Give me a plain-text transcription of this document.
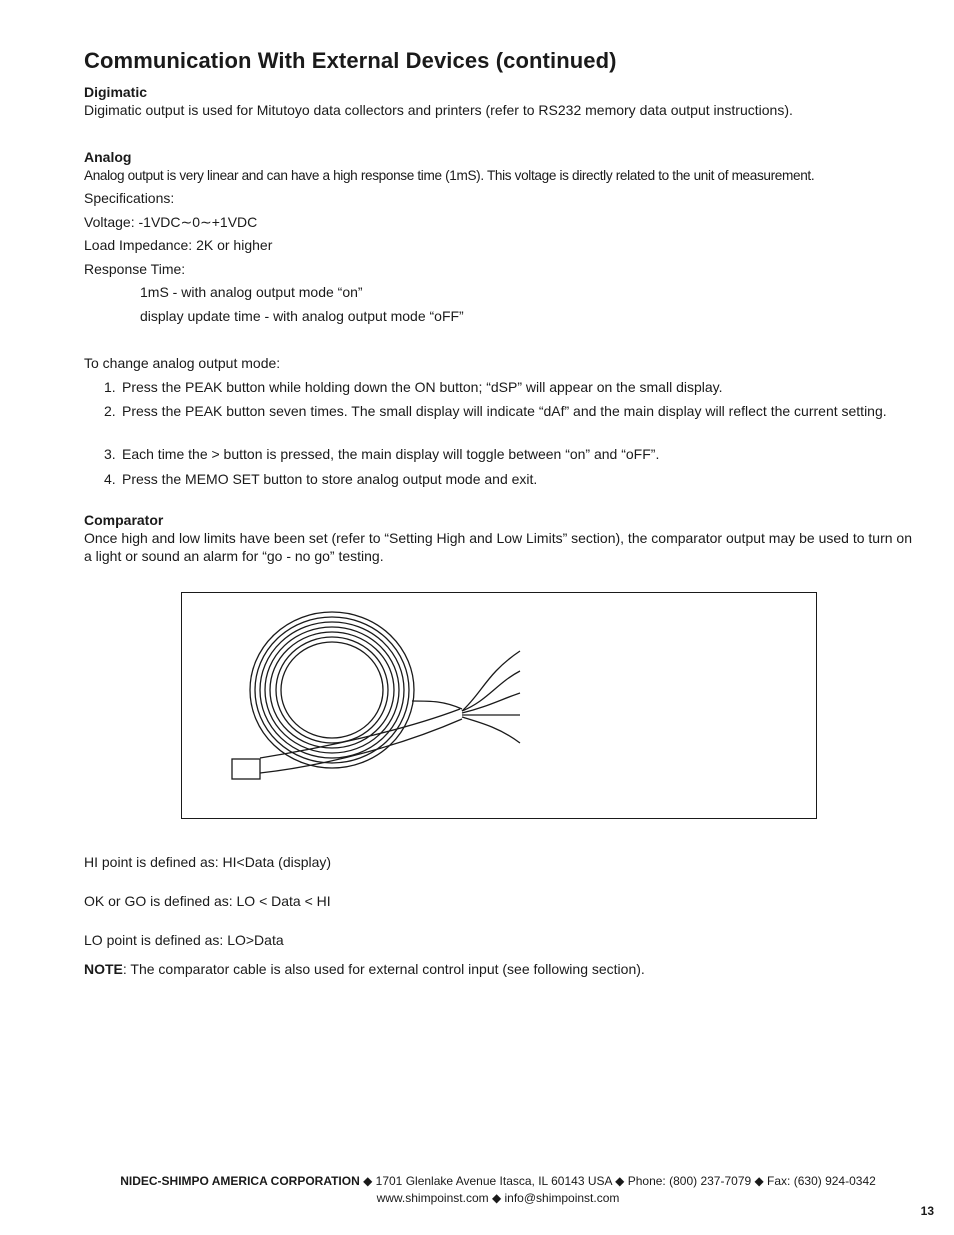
Communication With External Devices (continued)
Digimatic
Digimatic output is used for Mitutoyo data collectors and printers (refer to RS232 memory data output instructions).
Analog
Analog output is very linear and can have a high response time (1mS). This voltage is directly related to the unit of measurement.
Specifications:
Voltage: -1VDC∼0∼+1VDC
Load Impedance: 2K or higher
Response Time:
1mS - with analog output mode “on”
display update time - with analog output mode “oFF”
To change analog output mode:
1. Press the PEAK button while holding down the ON button; “dSP” will appear on the small display.
2. Press the PEAK button seven times. The small display will indicate “dAf” and the main display will reflect the current setting.
3. Each time the > button is pressed, the main display will toggle between “on” and “oFF”.
4. Press the MEMO SET button to store analog output mode and exit.
Comparator
Once high and low limits have been set (refer to “Setting High and Low Limits” section), the comparator output may be used to turn on a light or sound an alarm for “go - no go” testing.
HI point is defined as: HI<Data (display)
OK or GO is defined as: LO < Data < HI
LO point is defined as: LO>Data
NOTE: The comparator cable is also used for external control input (see following section).
NIDEC-SHIMPO AMERICA CORPORATION ◆ 1701 Glenlake Avenue Itasca, IL 60143 USA ◆ Phone: (800) 237-7079 ◆ Fax: (630) 924-0342
www.shimpoinst.com ◆ info@shimpoinst.com
13
